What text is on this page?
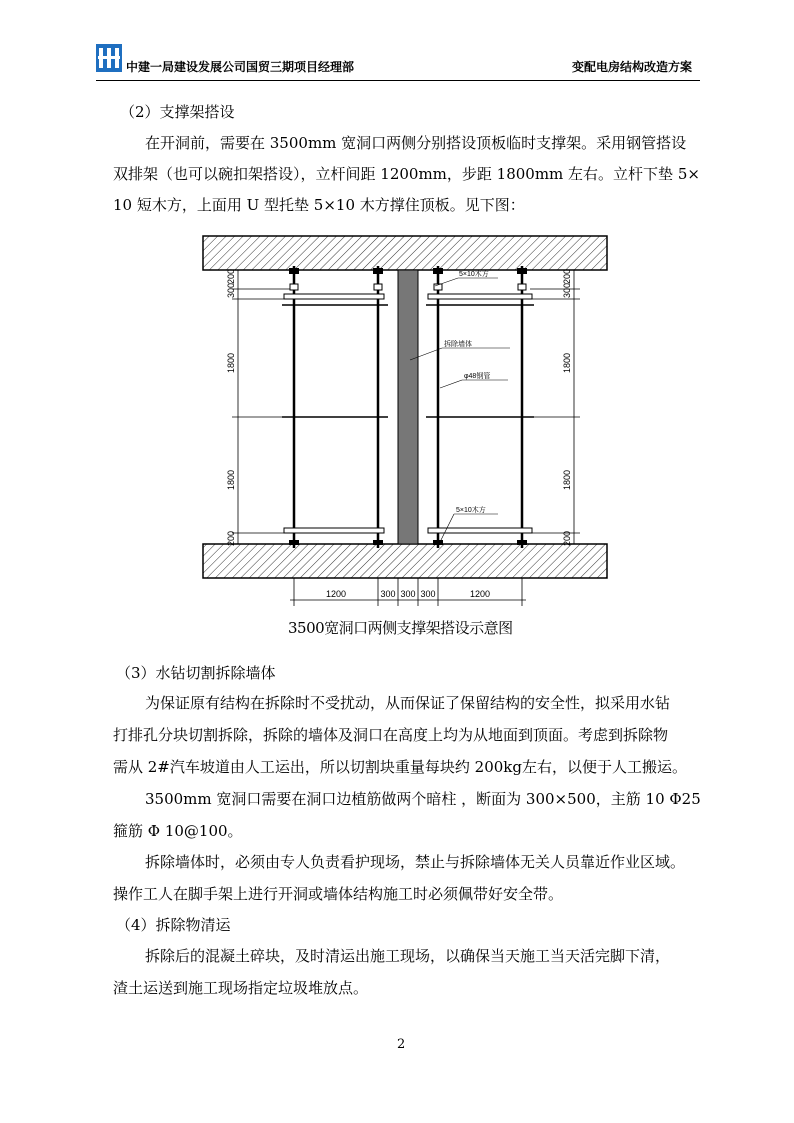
中建一局建设发展公司国贸三期项目经理部	变配电房结构改造方案
（2）支撑架搭设
在开洞前，需要在 3500mm 宽洞口两侧分别搭设顶板临时支撑架。采用钢管搭设
双排架（也可以碗扣架搭设），立杆间距 1200mm，步距 1800mm 左右。立杆下垫 5×
10 短木方，上面用 U 型托垫 5×10 木方撑住顶板。见下图：
200
300
1800
1800
200
200
300
1800
1800
200
5×10木方
拆除墙体
φ48钢管
5×10木方
1200	300 300 300	1200
3500宽洞口两侧支撑架搭设示意图
（3）水钻切割拆除墙体
为保证原有结构在拆除时不受扰动，从而保证了保留结构的安全性，拟采用水钻
打排孔分块切割拆除，拆除的墙体及洞口在高度上均为从地面到顶面。考虑到拆除物
需从 2#汽车坡道由人工运出，所以切割块重量每块约 200kg左右，以便于人工搬运。
3500mm 宽洞口需要在洞口边植筋做两个暗柱 ，断面为 300×500，主筋 10 Φ25
箍筋 Φ 10@100。
拆除墙体时，必须由专人负责看护现场，禁止与拆除墙体无关人员靠近作业区域。
操作工人在脚手架上进行开洞或墙体结构施工时必须佩带好安全带。
（4）拆除物清运
拆除后的混凝土碎块，及时清运出施工现场，以确保当天施工当天活完脚下清，
渣土运送到施工现场指定垃圾堆放点。
2
